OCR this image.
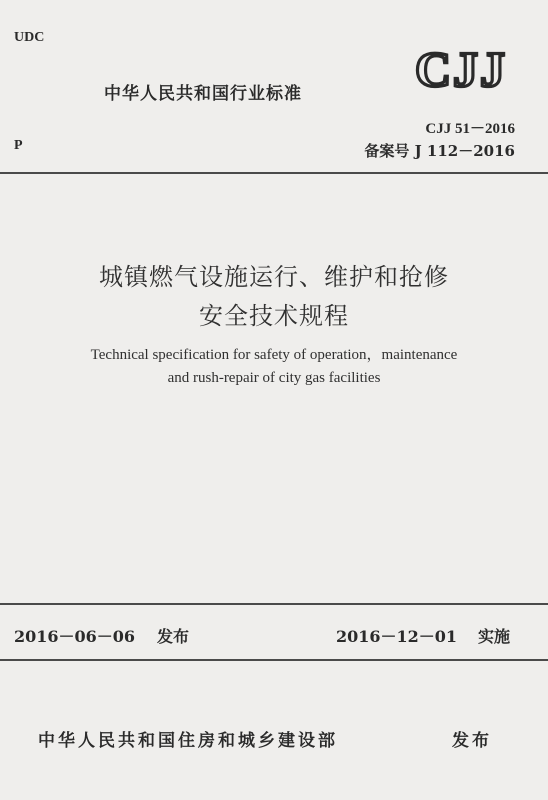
UDC
中华人民共和国行业标准 CJJ
P
CJJ 51－2016
备案号 J 112－2016
城镇燃气设施运行、维护和抢修
安全技术规程
Technical specification for safety of operation，maintenance
and rush-repair of city gas facilities
2016－06－06 发布	2016－12－01 实施
中华人民共和国住房和城乡建设部	发布
